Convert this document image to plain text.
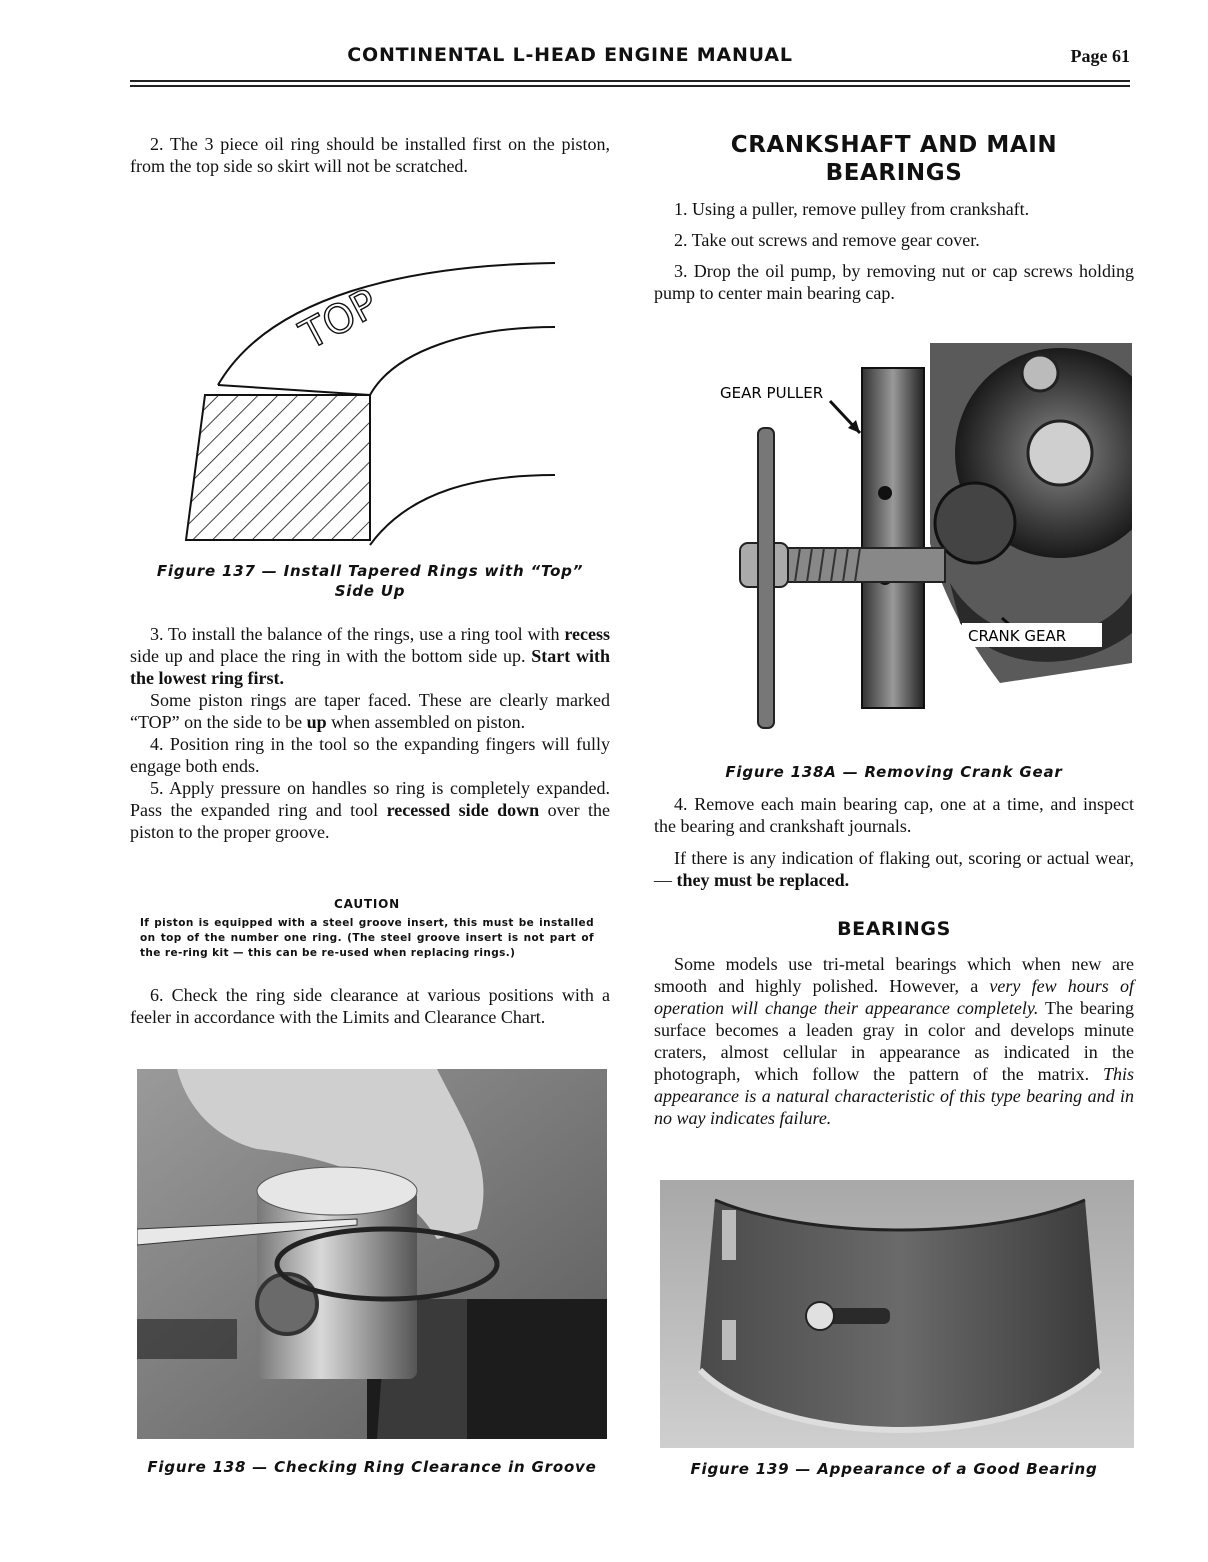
CONTINENTAL L-HEAD ENGINE MANUAL	Page 61

2. The 3 piece oil ring should be installed first on the piston, from the top side so skirt will not be scratched.

TOP
Figure 137 — Install Tapered Rings with “Top”
Side Up

3. To install the balance of the rings, use a ring tool with recess side up and place the ring in with the bottom side up. Start with the lowest ring first.

Some piston rings are taper faced. These are clearly marked “TOP” on the side to be up when assembled on piston.

4. Position ring in the tool so the expanding fingers will fully engage both ends.

5. Apply pressure on handles so ring is completely expanded. Pass the expanded ring and tool recessed side down over the piston to the proper groove.

CAUTION
If piston is equipped with a steel groove insert, this must be installed on top of the number one ring. (The steel groove insert is not part of the re-ring kit — this can be re-used when replacing rings.)

6. Check the ring side clearance at various positions with a feeler in accordance with the Limits and Clearance Chart.

Figure 138 — Checking Ring Clearance in Groove
CRANKSHAFT AND MAIN
BEARINGS

1. Using a puller, remove pulley from crankshaft.

2. Take out screws and remove gear cover.

3. Drop the oil pump, by removing nut or cap screws holding pump to center main bearing cap.

GEAR PULLER
CRANK GEAR
Figure 138A — Removing Crank Gear

4. Remove each main bearing cap, one at a time, and inspect the bearing and crankshaft journals.

If there is any indication of flaking out, scoring or actual wear, — they must be replaced.

BEARINGS

Some models use tri-metal bearings which when new are smooth and highly polished. However, a very few hours of operation will change their appearance completely. The bearing surface becomes a leaden gray in color and develops minute craters, almost cellular in appearance as indicated in the photograph, which follow the pattern of the matrix. This appearance is a natural characteristic of this type bearing and in no way indicates failure.

Figure 139 — Appearance of a Good Bearing
